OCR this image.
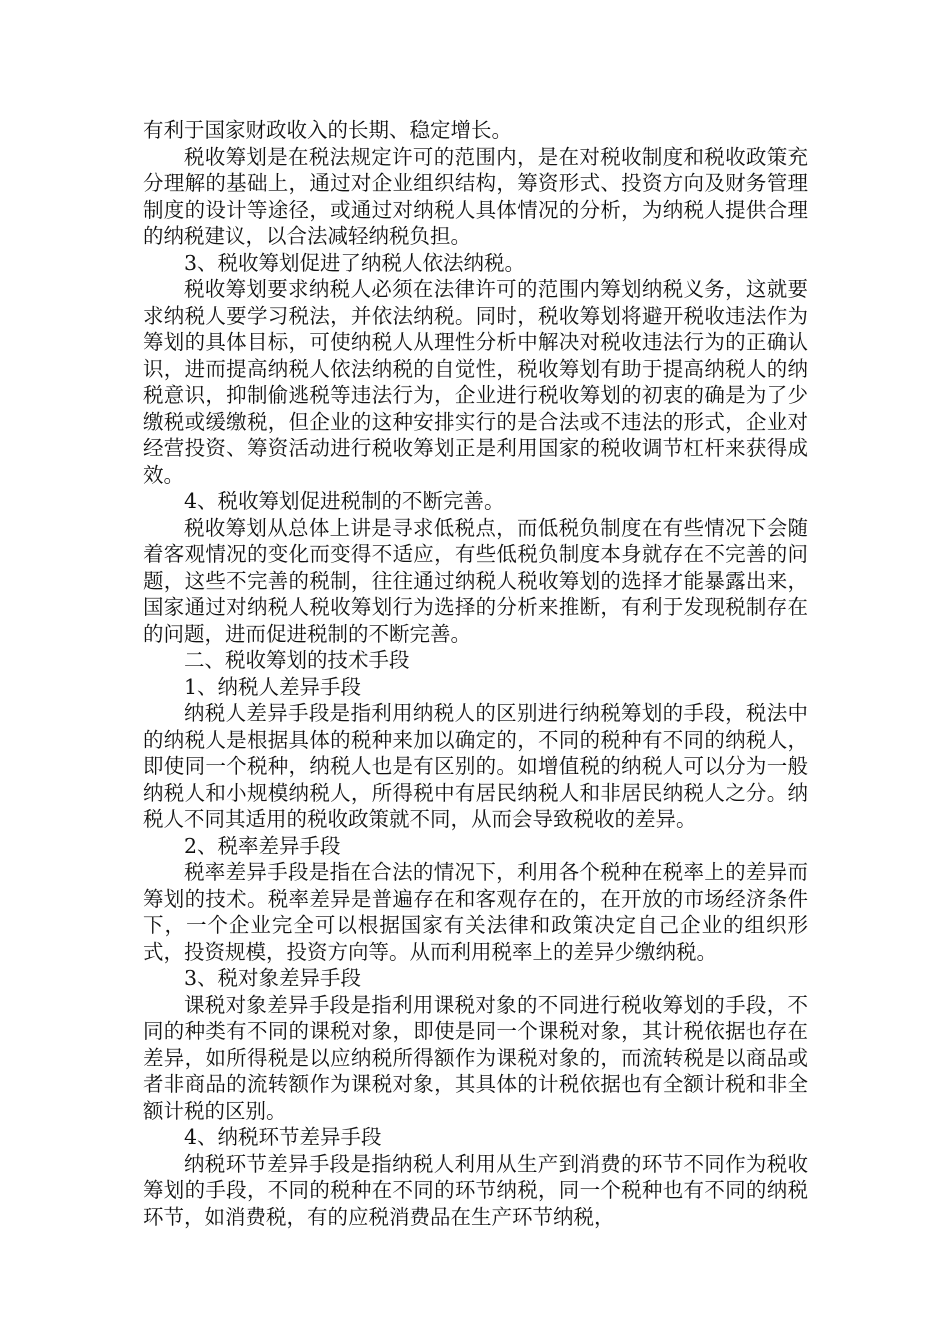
有利于国家财政收入的长期、稳定增长。

税收筹划是在税法规定许可的范围内，是在对税收制度和税收政策充分理解的基础上，通过对企业组织结构，筹资形式、投资方向及财务管理制度的设计等途径，或通过对纳税人具体情况的分析，为纳税人提供合理的纳税建议，以合法减轻纳税负担。

3、税收筹划促进了纳税人依法纳税。

税收筹划要求纳税人必须在法律许可的范围内筹划纳税义务，这就要求纳税人要学习税法，并依法纳税。同时，税收筹划将避开税收违法作为筹划的具体目标，可使纳税人从理性分析中解决对税收违法行为的正确认识，进而提高纳税人依法纳税的自觉性，税收筹划有助于提高纳税人的纳税意识，抑制偷逃税等违法行为，企业进行税收筹划的初衷的确是为了少缴税或缓缴税，但企业的这种安排实行的是合法或不违法的形式，企业对经营投资、筹资活动进行税收筹划正是利用国家的税收调节杠杆来获得成效。

4、税收筹划促进税制的不断完善。

税收筹划从总体上讲是寻求低税点，而低税负制度在有些情况下会随着客观情况的变化而变得不适应，有些低税负制度本身就存在不完善的问题，这些不完善的税制，往往通过纳税人税收筹划的选择才能暴露出来，国家通过对纳税人税收筹划行为选择的分析来推断，有利于发现税制存在的问题，进而促进税制的不断完善。

二、税收筹划的技术手段

1、纳税人差异手段

纳税人差异手段是指利用纳税人的区别进行纳税筹划的手段，税法中的纳税人是根据具体的税种来加以确定的，不同的税种有不同的纳税人，即使同一个税种，纳税人也是有区别的。如增值税的纳税人可以分为一般纳税人和小规模纳税人，所得税中有居民纳税人和非居民纳税人之分。纳税人不同其适用的税收政策就不同，从而会导致税收的差异。

2、税率差异手段

税率差异手段是指在合法的情况下，利用各个税种在税率上的差异而筹划的技术。税率差异是普遍存在和客观存在的，在开放的市场经济条件下，一个企业完全可以根据国家有关法律和政策决定自己企业的组织形式，投资规模，投资方向等。从而利用税率上的差异少缴纳税。

3、税对象差异手段

课税对象差异手段是指利用课税对象的不同进行税收筹划的手段，不同的种类有不同的课税对象，即使是同一个课税对象，其计税依据也存在差异，如所得税是以应纳税所得额作为课税对象的，而流转税是以商品或者非商品的流转额作为课税对象，其具体的计税依据也有全额计税和非全额计税的区别。

4、纳税环节差异手段

纳税环节差异手段是指纳税人利用从生产到消费的环节不同作为税收筹划的手段，不同的税种在不同的环节纳税，同一个税种也有不同的纳税环节，如消费税，有的应税消费品在生产环节纳税，
